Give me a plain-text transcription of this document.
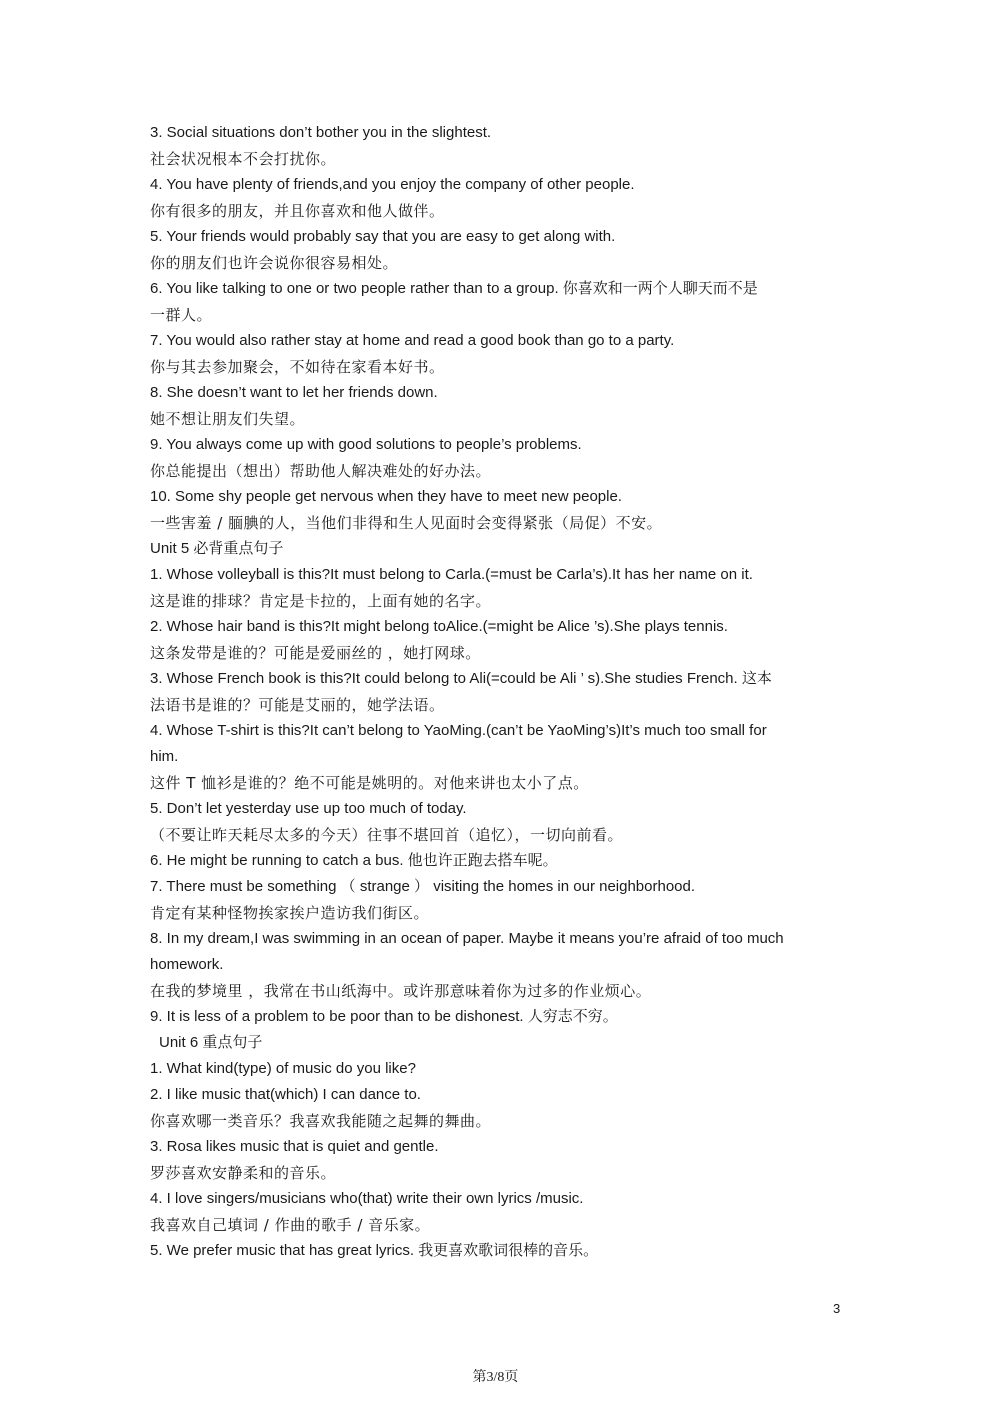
3. Social situations don’t bother you in the slightest.
社会状况根本不会打扰你。
4. You have plenty of friends,and you enjoy the company of other people.
你有很多的朋友，并且你喜欢和他人做伴。
5. Your friends would probably say that you are easy to get along with.
你的朋友们也许会说你很容易相处。
6. You like talking to one or two people rather than to a group. 你喜欢和一两个人聊天而不是
一群人。
7. You would also rather stay at home and read a good book than go to a party.
你与其去参加聚会，不如待在家看本好书。
8. She doesn’t want to let her friends down.
她不想让朋友们失望。
9. You always come up with good solutions to people’s problems.
你总能提出（想出）帮助他人解决难处的好办法。
10. Some shy people get nervous when they have to meet new people.
一些害羞 / 腼腆的人，当他们非得和生人见面时会变得紧张（局促）不安。
Unit 5 必背重点句子
1. Whose volleyball is this?It must belong to Carla.(=must be Carla’s).It has her name on it.
这是谁的排球？肯定是卡拉的，上面有她的名字。
2. Whose hair band is this?It might belong toAlice.(=might be Alice ’s).She plays tennis.
这条发带是谁的？可能是爱丽丝的 ，她打网球。
3. Whose French book is this?It could belong to Ali(=could be Ali ’ s).She studies French. 这本
法语书是谁的？可能是艾丽的，她学法语。
4. Whose T-shirt is this?It can’t belong to YaoMing.(can’t be YaoMing’s)It’s much too small for
him.
这件 T 恤衫是谁的？绝不可能是姚明的。对他来讲也太小了点。
5. Don’t let yesterday use up too much of today.
（不要让昨天耗尽太多的今天）往事不堪回首（追忆），一切向前看。
6. He might be running to catch a bus. 他也许正跑去搭车呢。
7. There must be something （ strange ） visiting the homes in our neighborhood.
肯定有某种怪物挨家挨户造访我们街区。
8. In my dream,I was swimming in an ocean of paper. Maybe it means you’re afraid of too much
homework.
在我的梦境里 ，我常在书山纸海中。或许那意味着你为过多的作业烦心。
9. It is less of a problem to be poor than to be dishonest. 人穷志不穷。
Unit 6 重点句子
1. What kind(type) of music do you like?
2. I like music that(which) I can dance to.
你喜欢哪一类音乐？我喜欢我能随之起舞的舞曲。
3. Rosa likes music that is quiet and gentle.
罗莎喜欢安静柔和的音乐。
4. I love singers/musicians who(that) write their own lyrics /music.
我喜欢自己填词 / 作曲的歌手 / 音乐家。
5. We prefer music that has great lyrics. 我更喜欢歌词很棒的音乐。
3
第3/8页
